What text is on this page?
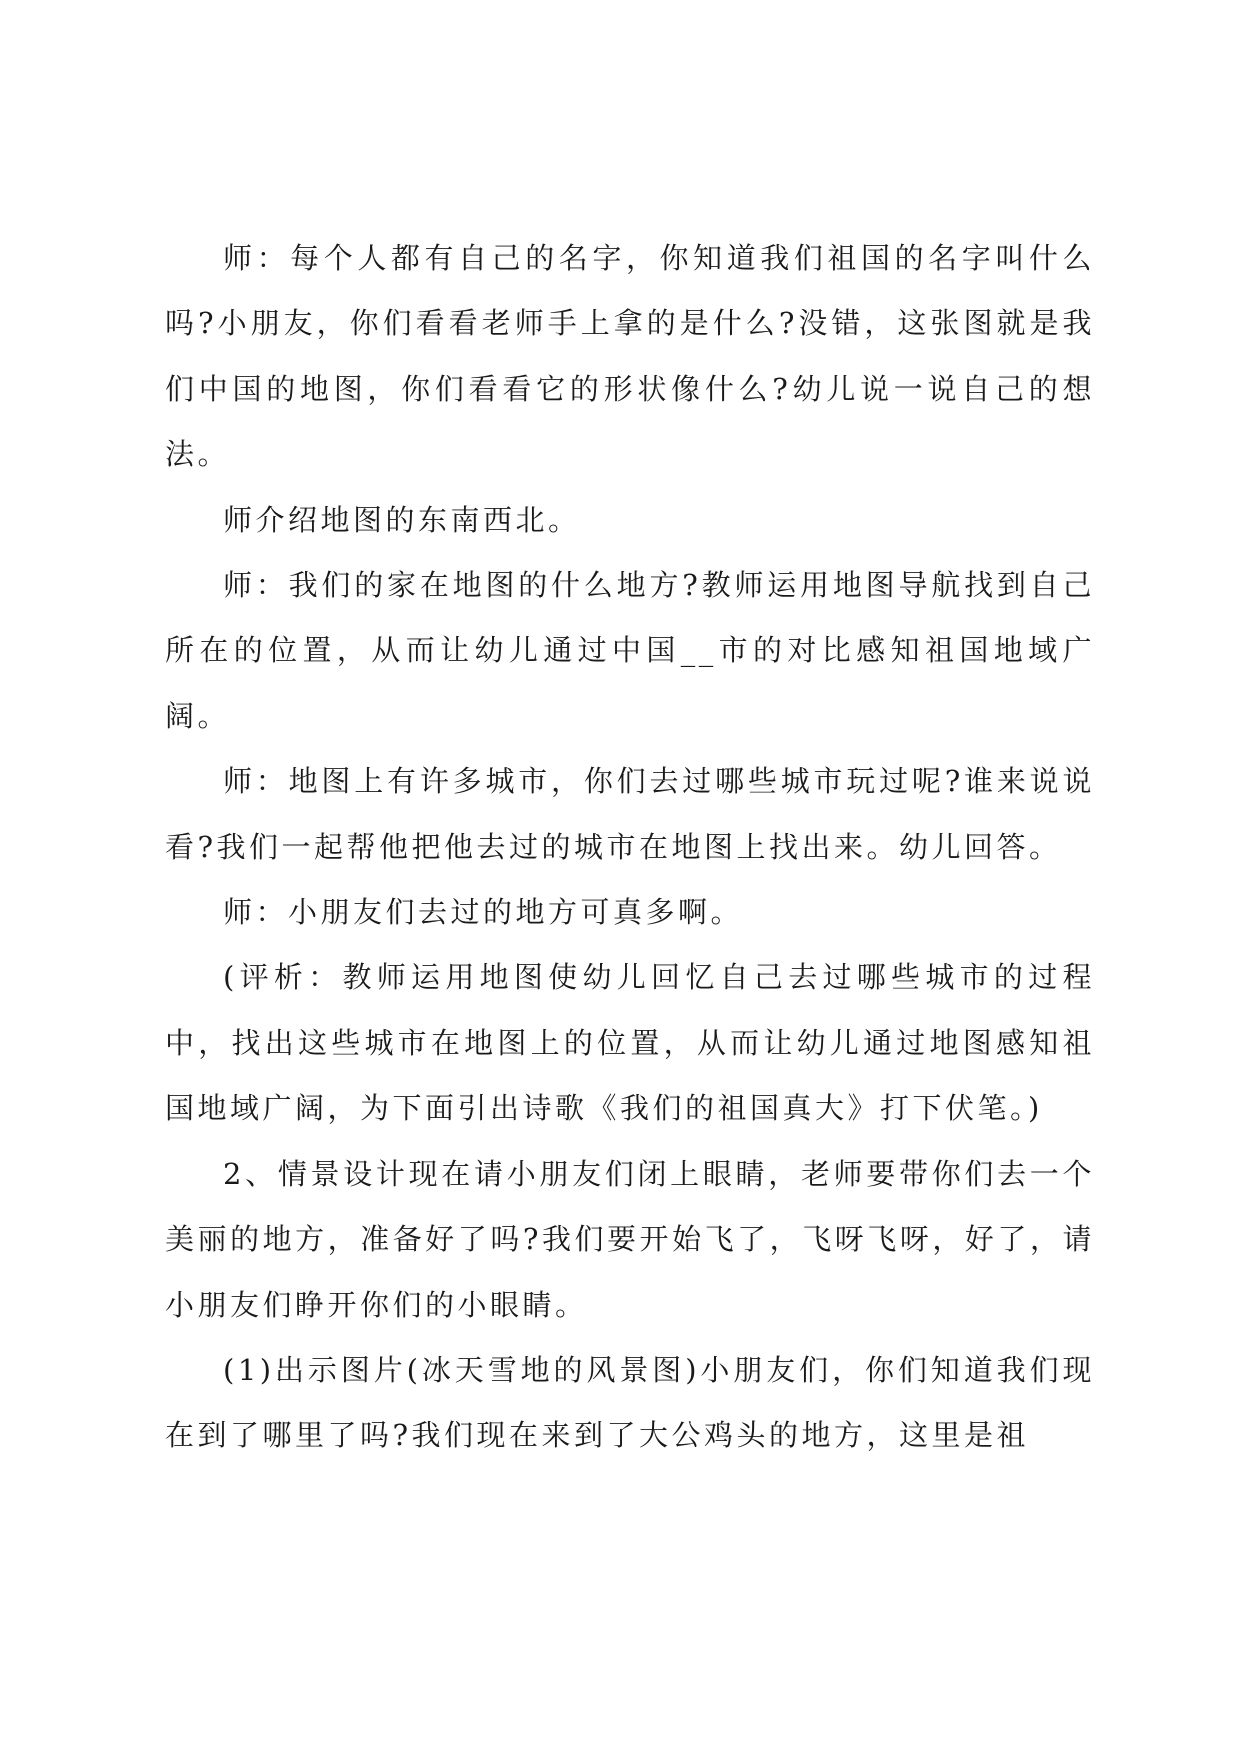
师：每个人都有自己的名字，你知道我们祖国的名字叫什么吗?小朋友，你们看看老师手上拿的是什么?没错，这张图就是我们中国的地图，你们看看它的形状像什么?幼儿说一说自己的想法。

师介绍地图的东南西北。

师：我们的家在地图的什么地方?教师运用地图导航找到自己所在的位置，从而让幼儿通过中国__市的对比感知祖国地域广阔。

师：地图上有许多城市，你们去过哪些城市玩过呢?谁来说说看?我们一起帮他把他去过的城市在地图上找出来。幼儿回答。

师：小朋友们去过的地方可真多啊。

(评析：教师运用地图使幼儿回忆自己去过哪些城市的过程中，找出这些城市在地图上的位置，从而让幼儿通过地图感知祖国地域广阔，为下面引出诗歌《我们的祖国真大》打下伏笔。)

2、情景设计现在请小朋友们闭上眼睛，老师要带你们去一个美丽的地方，准备好了吗?我们要开始飞了，飞呀飞呀，好了，请小朋友们睁开你们的小眼睛。

(1)出示图片(冰天雪地的风景图)小朋友们，你们知道我们现在到了哪里了吗?我们现在来到了大公鸡头的地方，这里是祖
